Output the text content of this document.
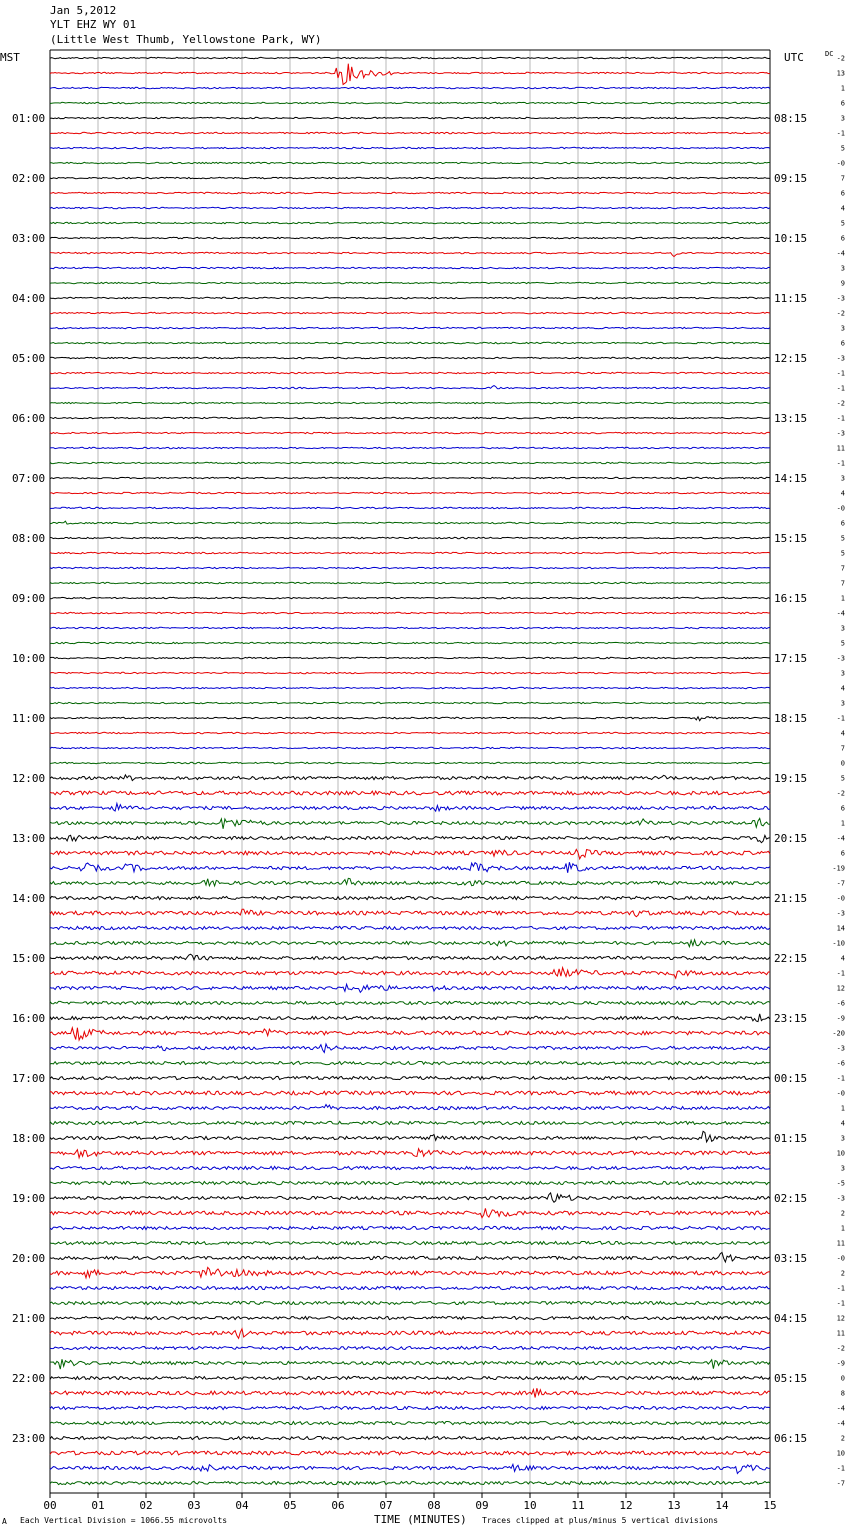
Jan 5,2012
YLT EHZ WY 01
(Little West Thumb, Yellowstone Park, WY)
01:00
02:00
03:00
04:00
05:00
06:00
07:00
08:00
09:00
10:00
11:00
12:00
13:00
14:00
15:00
16:00
17:00
18:00
19:00
20:00
21:00
22:00
23:00
08:15
09:15
10:15
11:15
12:15
13:15
14:15
15:15
16:15
17:15
18:15
19:15
20:15
21:15
22:15
23:15
00:15
01:15
02:15
03:15
04:15
05:15
06:15
-2
13
1
6
3
-1
5
-0
7
6
4
5
6
-4
3
9
-3
-2
3
6
-3
-1
-1
-2
-1
-3
11
-1
3
4
-0
6
5
5
7
7
1
-4
3
5
-3
3
4
3
-1
4
7
0
5
-2
6
1
-4
6
-19
-7
-0
-3
14
-10
4
-1
12
-6
-9
-20
-3
-6
-1
-0
1
4
3
10
3
-5
-3
2
1
11
-0
2
-1
-1
12
11
-2
-9
0
8
-4
-4
2
10
-1
-7
00	01	02	03	04	05	06	07	08	09	10	11	12	13	14	15
MST	UTC	DC
A Each Vertical Division = 1066.55 microvolts	TIME (MINUTES) Traces clipped at plus/minus 5 vertical divisions
